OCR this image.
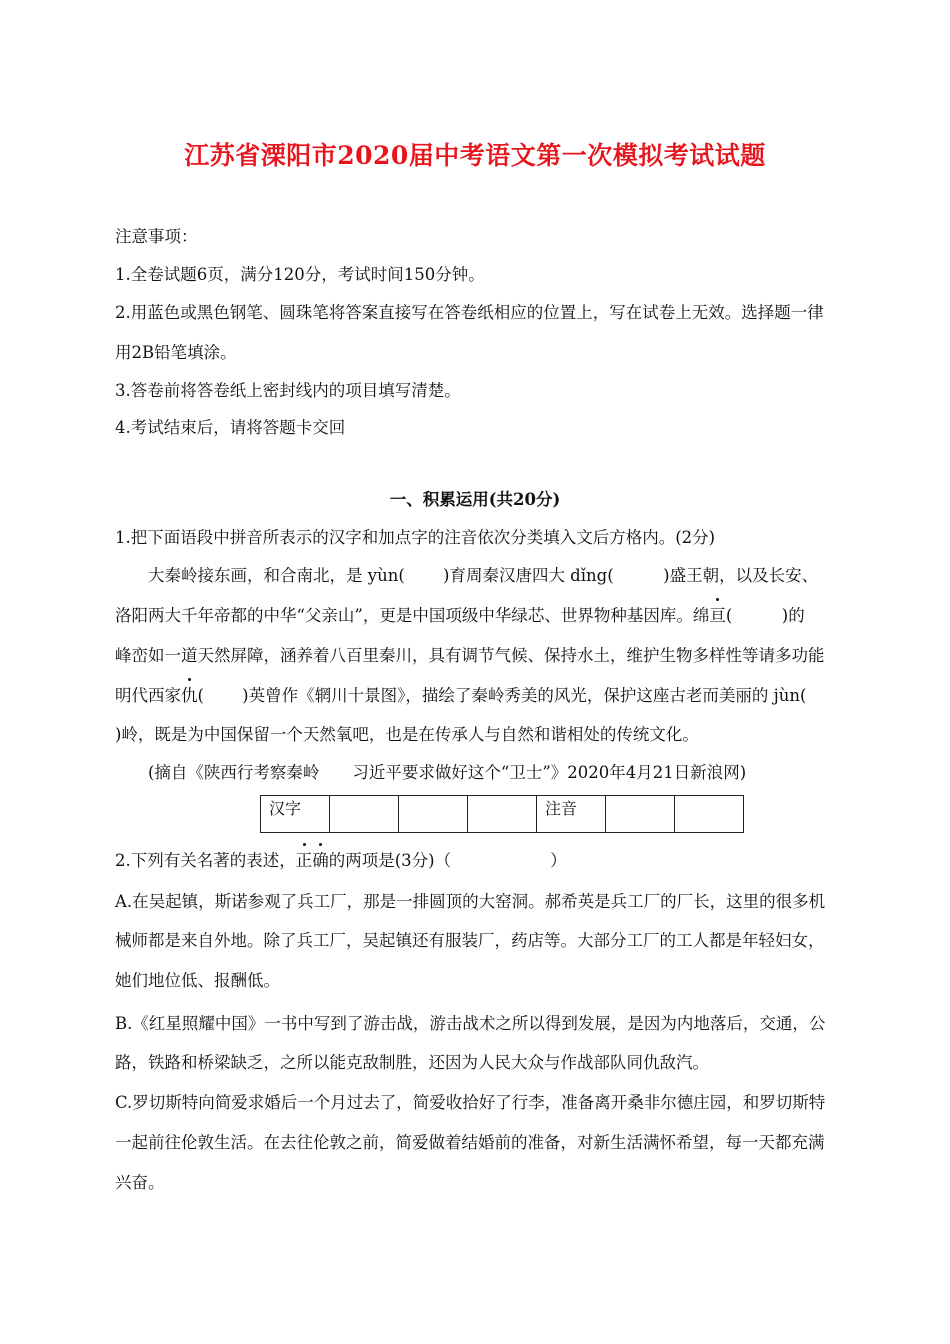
江苏省溧阳市2020届中考语文第一次模拟考试试题
注意事项：
1.全卷试题6页，满分120分，考试时间150分钟。
2.用蓝色或黑色钢笔、圆珠笔将答案直接写在答卷纸相应的位置上，写在试卷上无效。选择题一律
用2B铅笔填涂。
3.答卷前将答卷纸上密封线内的项目填写清楚。
4.考试结束后，请将答题卡交回
一、积累运用(共20分)
1.把下面语段中拼音所表示的汉字和加点字的注音依次分类填入文后方格内。(2分)
大秦岭接东画，和合南北，是 yùn(　　 )育周秦汉唐四大 dǐng(　　　)盛王朝，以及长安、
洛阳两大千年帝都的中华“父亲山”，更是中国项级中华绿芯、世界物种基因库。绵亘(　　　)的
峰峦如一道天然屏障，涵养着八百里秦川，具有调节气候、保持水土，维护生物多样性等请多功能
明代西家仇(　　 )英曾作《辋川十景图》，描绘了秦岭秀美的风光，保护这座古老而美丽的 jùn(
)岭，既是为中国保留一个天然氧吧，也是在传承人与自然和谐相处的传统文化。
(摘自《陕西行考察秦岭　　习近平要求做好这个“卫士”》2020年4月21日新浪网)
汉字				注音		
2.下列有关名著的表述，正确的两项是(3分)（　　　　　　）
A.在吴起镇，斯诺参观了兵工厂，那是一排圆顶的大窑洞。郝希英是兵工厂的厂长，这里的很多机
械师都是来自外地。除了兵工厂，吴起镇还有服装厂，药店等。大部分工厂的工人都是年轻妇女，
她们地位低、报酬低。
B.《红星照耀中国》一书中写到了游击战，游击战术之所以得到发展，是因为内地落后，交通，公
路，铁路和桥梁缺乏，之所以能克敌制胜，还因为人民大众与作战部队同仇敌汽。
C.罗切斯特向简爱求婚后一个月过去了，简爱收拾好了行李，准备离开桑非尔德庄园，和罗切斯特
一起前往伦敦生活。在去往伦敦之前，简爱做着结婚前的准备，对新生活满怀希望，每一天都充满
兴奋。
